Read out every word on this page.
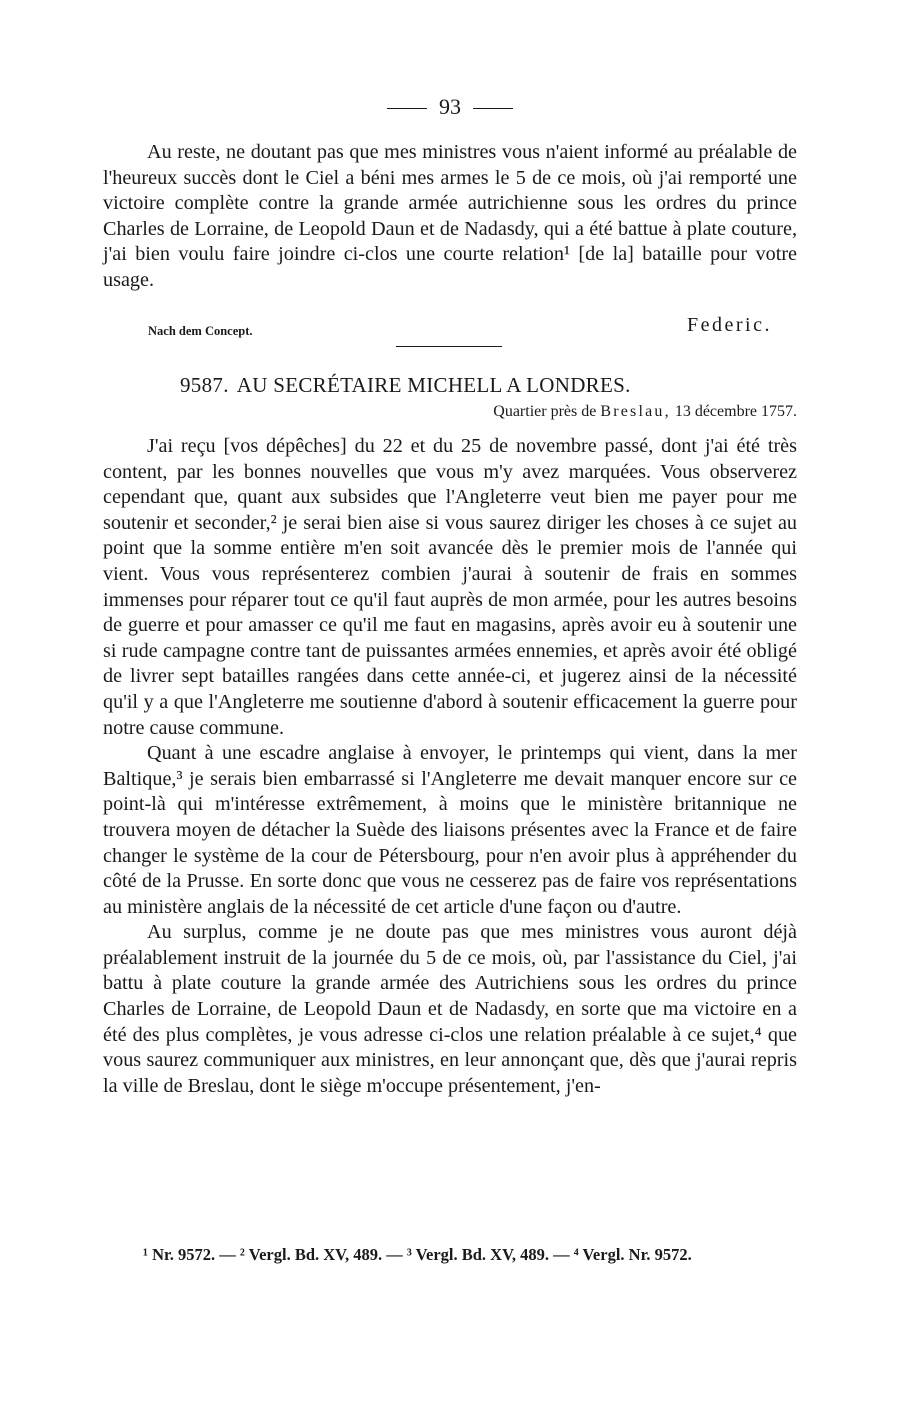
93

Au reste, ne doutant pas que mes ministres vous n'aient informé au préalable de l'heureux succès dont le Ciel a béni mes armes le 5 de ce mois, où j'ai remporté une victoire complète contre la grande armée autrichienne sous les ordres du prince Charles de Lorraine, de Leopold Daun et de Nadasdy, qui a été battue à plate couture, j'ai bien voulu faire joindre ci-clos une courte relation¹ [de la] bataille pour votre usage.

Nach dem Concept.	Federic.
9587. AU SECRÉTAIRE MICHELL A LONDRES.
Quartier près de Breslau, 13 décembre 1757.

J'ai reçu [vos dépêches] du 22 et du 25 de novembre passé, dont j'ai été très content, par les bonnes nouvelles que vous m'y avez marquées. Vous observerez cependant que, quant aux subsides que l'Angleterre veut bien me payer pour me soutenir et seconder,² je serai bien aise si vous saurez diriger les choses à ce sujet au point que la somme entière m'en soit avancée dès le premier mois de l'année qui vient. Vous vous représenterez combien j'aurai à soutenir de frais en sommes immenses pour réparer tout ce qu'il faut auprès de mon armée, pour les autres besoins de guerre et pour amasser ce qu'il me faut en magasins, après avoir eu à soutenir une si rude campagne contre tant de puissantes armées ennemies, et après avoir été obligé de livrer sept batailles rangées dans cette année-ci, et jugerez ainsi de la nécessité qu'il y a que l'Angleterre me soutienne d'abord à soutenir efficacement la guerre pour notre cause commune.

Quant à une escadre anglaise à envoyer, le printemps qui vient, dans la mer Baltique,³ je serais bien embarrassé si l'Angleterre me devait manquer encore sur ce point-là qui m'intéresse extrêmement, à moins que le ministère britannique ne trouvera moyen de détacher la Suède des liaisons présentes avec la France et de faire changer le système de la cour de Pétersbourg, pour n'en avoir plus à appréhender du côté de la Prusse. En sorte donc que vous ne cesserez pas de faire vos représentations au ministère anglais de la nécessité de cet article d'une façon ou d'autre.

Au surplus, comme je ne doute pas que mes ministres vous auront déjà préalablement instruit de la journée du 5 de ce mois, où, par l'assistance du Ciel, j'ai battu à plate couture la grande armée des Autrichiens sous les ordres du prince Charles de Lorraine, de Leopold Daun et de Nadasdy, en sorte que ma victoire en a été des plus complètes, je vous adresse ci-clos une relation préalable à ce sujet,⁴ que vous saurez communiquer aux ministres, en leur annonçant que, dès que j'aurai repris la ville de Breslau, dont le siège m'occupe présentement, j'en-

¹ Nr. 9572. — ² Vergl. Bd. XV, 489. — ³ Vergl. Bd. XV, 489. — ⁴ Vergl. Nr. 9572.
